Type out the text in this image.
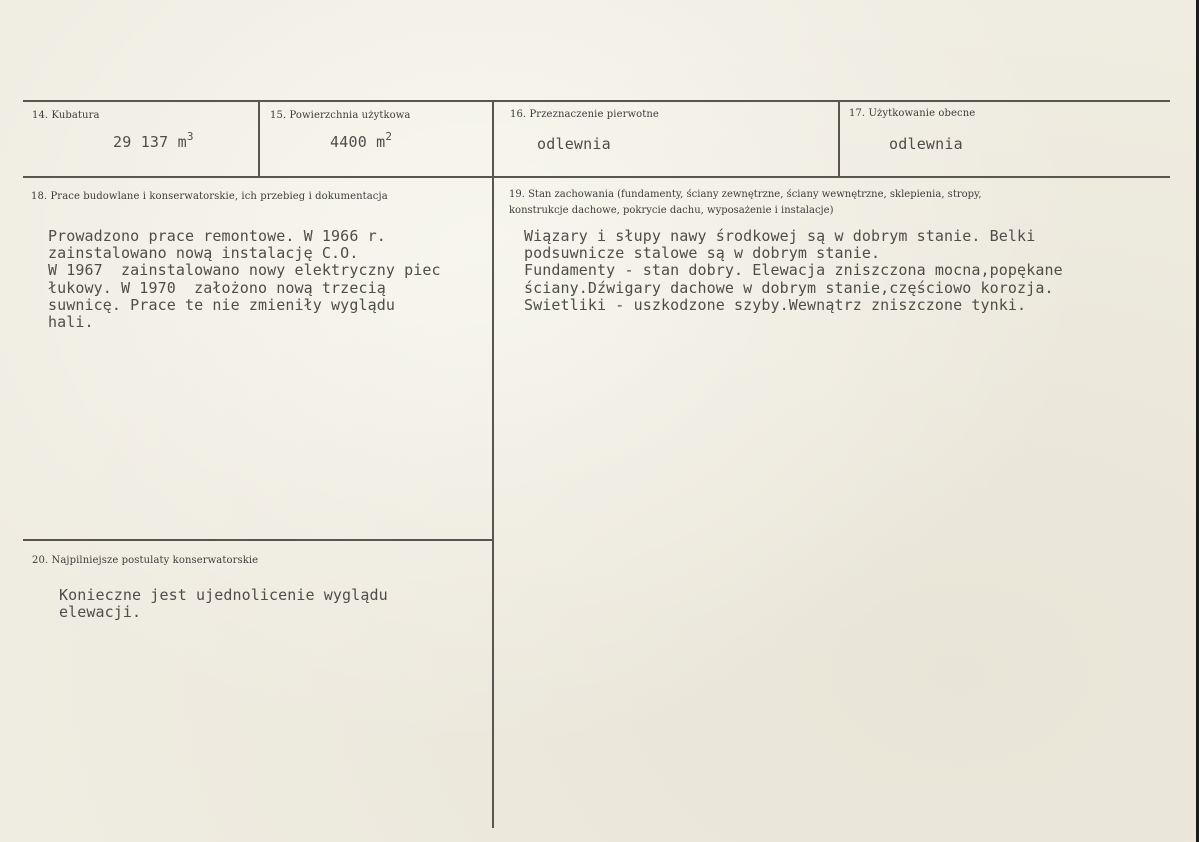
14. Kubatura
29 137 $m^3$
15. Powierzchnia użytkowa
4400 $m^2$
16. Przeznaczenie pierwotne
odlewnia
17. Użytkowanie obecne
odlewnia
18. Prace budowlane i konserwatorskie, ich przebieg i dokumentacja
Prowadzono prace remontowe. W 1966 r.
zainstalowano nową instalację C.O.
W 1967  zainstalowano nowy elektryczny piec
łukowy. W 1970  założono nową trzecią
suwnicę. Prace te nie zmieniły wyglądu
hali.
19. Stan zachowania (fundamenty, ściany zewnętrzne, ściany wewnętrzne, sklepienia, stropy,
konstrukcje dachowe, pokrycie dachu, wyposażenie i instalacje)
Wiązary i słupy nawy środkowej są w dobrym stanie. Belki
podsuwnicze stalowe są w dobrym stanie.
Fundamenty - stan dobry. Elewacja zniszczona mocna,popękane
ściany.Dźwigary dachowe w dobrym stanie,częściowo korozja.
Swietliki - uszkodzone szyby.Wewnątrz zniszczone tynki.
20. Najpilniejsze postulaty konserwatorskie
Konieczne jest ujednolicenie wyglądu
elewacji.
